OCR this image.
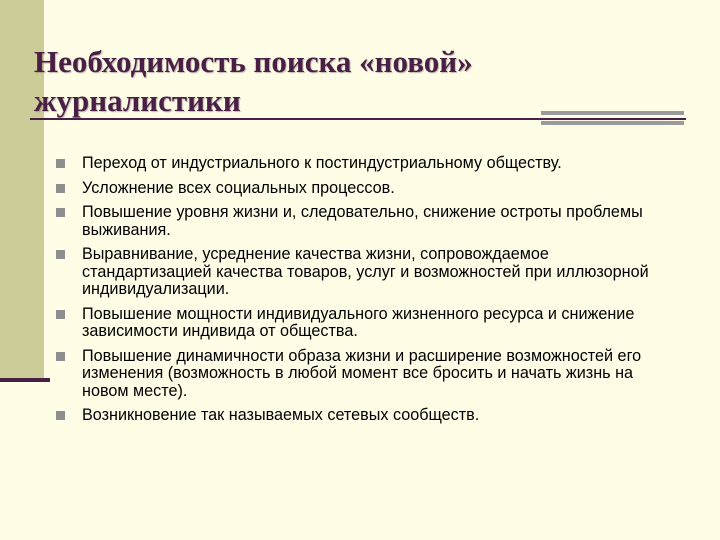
Необходимость поиска «новой» журналистики
Переход от индустриального к постиндустриальному обществу.
Усложнение всех социальных процессов.
Повышение уровня жизни и, следовательно, снижение остроты проблемы выживания.
Выравнивание, усреднение качества жизни, сопровождаемое стандартизацией качества товаров, услуг и возможностей при иллюзорной индивидуализации.
Повышение мощности индивидуального жизненного ресурса и снижение зависимости индивида от общества.
Повышение динамичности образа жизни и расширение возможностей его изменения (возможность в любой момент все бросить и начать жизнь на новом месте).
Возникновение так называемых сетевых сообществ.
